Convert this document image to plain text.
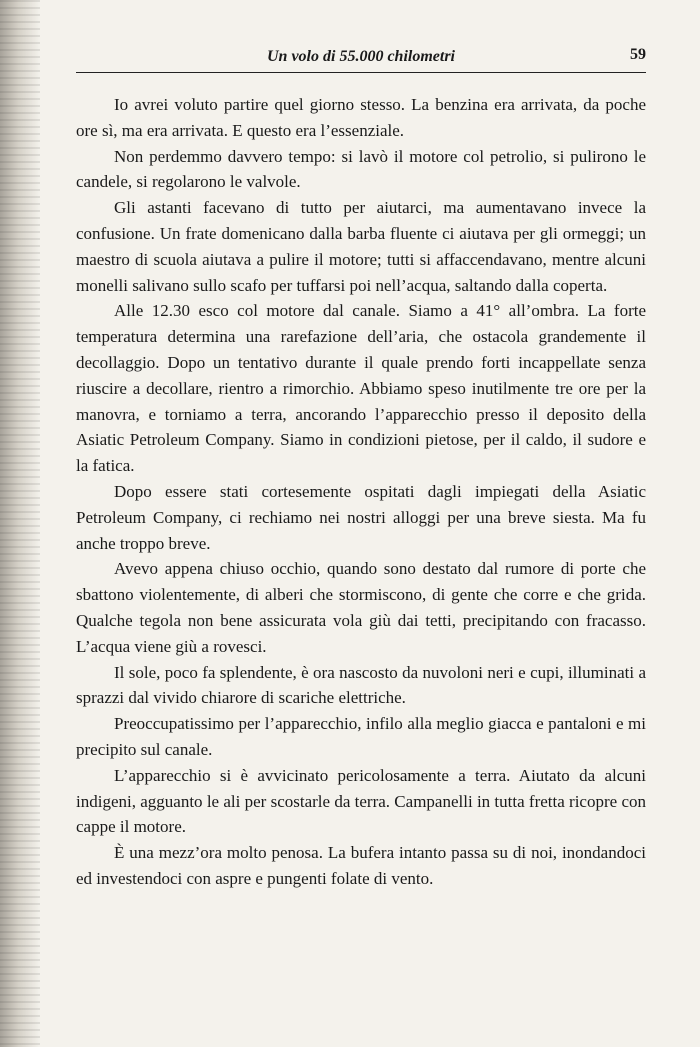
Un volo di 55.000 chilometri	59

Io avrei voluto partire quel giorno stesso. La benzina era arrivata, da poche ore sì, ma era arrivata. E questo era l’essenziale.

Non perdemmo davvero tempo: si lavò il motore col petrolio, si pulirono le candele, si regolarono le valvole.

Gli astanti facevano di tutto per aiutarci, ma aumentavano invece la confusione. Un frate domenicano dalla barba fluente ci aiutava per gli ormeggi; un maestro di scuola aiutava a pulire il motore; tutti si affaccendavano, mentre alcuni monelli salivano sullo scafo per tuffarsi poi nell’acqua, saltando dalla coperta.

Alle 12.30 esco col motore dal canale. Siamo a 41° all’ombra. La forte temperatura determina una rarefazione dell’aria, che ostacola grandemente il decollaggio. Dopo un tentativo durante il quale prendo forti incappellate senza riuscire a decollare, rientro a rimorchio. Abbiamo speso inutilmente tre ore per la manovra, e torniamo a terra, ancorando l’apparecchio presso il deposito della Asiatic Petroleum Company. Siamo in condizioni pietose, per il caldo, il sudore e la fatica.

Dopo essere stati cortesemente ospitati dagli impiegati della Asiatic Petroleum Company, ci rechiamo nei nostri alloggi per una breve siesta. Ma fu anche troppo breve.

Avevo appena chiuso occhio, quando sono destato dal rumore di porte che sbattono violentemente, di alberi che stormiscono, di gente che corre e che grida. Qualche tegola non bene assicurata vola giù dai tetti, precipitando con fracasso. L’acqua viene giù a rovesci.

Il sole, poco fa splendente, è ora nascosto da nuvoloni neri e cupi, illuminati a sprazzi dal vivido chiarore di scariche elettriche.

Preoccupatissimo per l’apparecchio, infilo alla meglio giacca e pantaloni e mi precipito sul canale.

L’apparecchio si è avvicinato pericolosamente a terra. Aiutato da alcuni indigeni, agguanto le ali per scostarle da terra. Campanelli in tutta fretta ricopre con cappe il motore.

È una mezz’ora molto penosa. La bufera intanto passa su di noi, inondandoci ed investendoci con aspre e pungenti folate di vento.
